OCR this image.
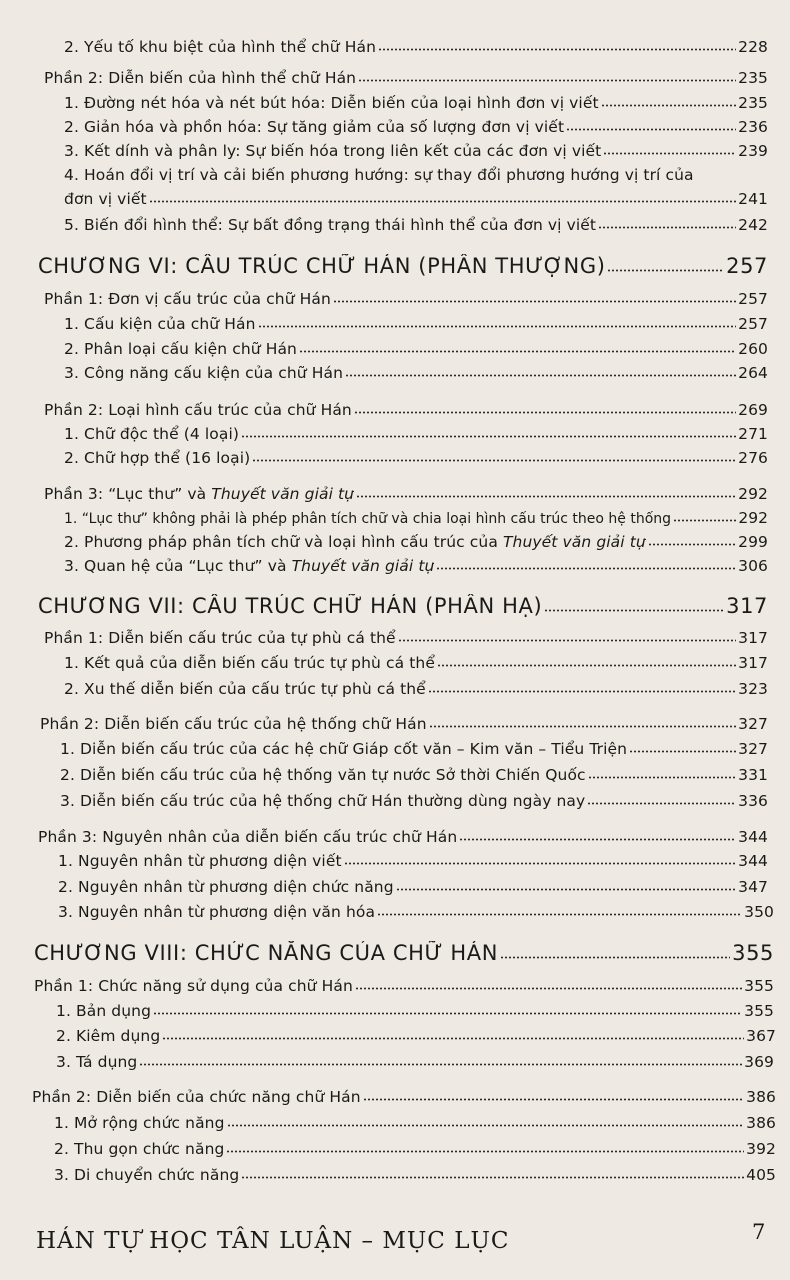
2. Yếu tố khu biệt của hình thể chữ Hán	228
Phần 2: Diễn biến của hình thể chữ Hán	235
1. Đường nét hóa và nét bút hóa: Diễn biến của loại hình đơn vị viết	235
2. Giản hóa và phồn hóa: Sự tăng giảm của số lượng đơn vị viết	236
3. Kết dính và phân ly: Sự biến hóa trong liên kết của các đơn vị viết	239
4. Hoán đổi vị trí và cải biến phương hướng: sự thay đổi phương hướng vị trí của
đơn vị viết	241
5. Biến đổi hình thể: Sự bất đồng trạng thái hình thể của đơn vị viết	242
CHƯƠNG VI: CẤU TRÚC CHỮ HÁN (PHẦN THƯỢNG)	257
Phần 1: Đơn vị cấu trúc của chữ Hán	257
1. Cấu kiện của chữ Hán	257
2. Phân loại cấu kiện chữ Hán	260
3. Công năng cấu kiện của chữ Hán	264
Phần 2: Loại hình cấu trúc của chữ Hán	269
1. Chữ độc thể (4 loại)	271
2. Chữ hợp thể (16 loại)	276
Phần 3: “Lục thư” và Thuyết văn giải tự	292
1. “Lục thư” không phải là phép phân tích chữ và chia loại hình cấu trúc theo hệ thống	292
2. Phương pháp phân tích chữ và loại hình cấu trúc của Thuyết văn giải tự	299
3. Quan hệ của “Lục thư” và Thuyết văn giải tự	306
CHƯƠNG VII: CẤU TRÚC CHỮ HÁN (PHẦN HẠ)	317
Phần 1: Diễn biến cấu trúc của tự phù cá thể	317
1. Kết quả của diễn biến cấu trúc tự phù cá thể	317
2. Xu thế diễn biến của cấu trúc tự phù cá thể	323
Phần 2: Diễn biến cấu trúc của hệ thống chữ Hán	327
1. Diễn biến cấu trúc của các hệ chữ Giáp cốt văn – Kim văn – Tiểu Triện	327
2. Diễn biến cấu trúc của hệ thống văn tự nước Sở thời Chiến Quốc	331
3. Diễn biến cấu trúc của hệ thống chữ Hán thường dùng ngày nay	336
Phần 3: Nguyên nhân của diễn biến cấu trúc chữ Hán	344
1. Nguyên nhân từ phương diện viết	344
2. Nguyên nhân từ phương diện chức năng	347
3. Nguyên nhân từ phương diện văn hóa	350
CHƯƠNG VIII: CHỨC NĂNG CỦA CHỮ HÁN	355
Phần 1: Chức năng sử dụng của chữ Hán	355
1. Bản dụng	355
2. Kiêm dụng	367
3. Tá dụng	369
Phần 2: Diễn biến của chức năng chữ Hán	386
1. Mở rộng chức năng	386
2. Thu gọn chức năng	392
3. Di chuyển chức năng	405
HÁN TỰ HỌC TÂN LUẬN – MỤC LỤC	7
